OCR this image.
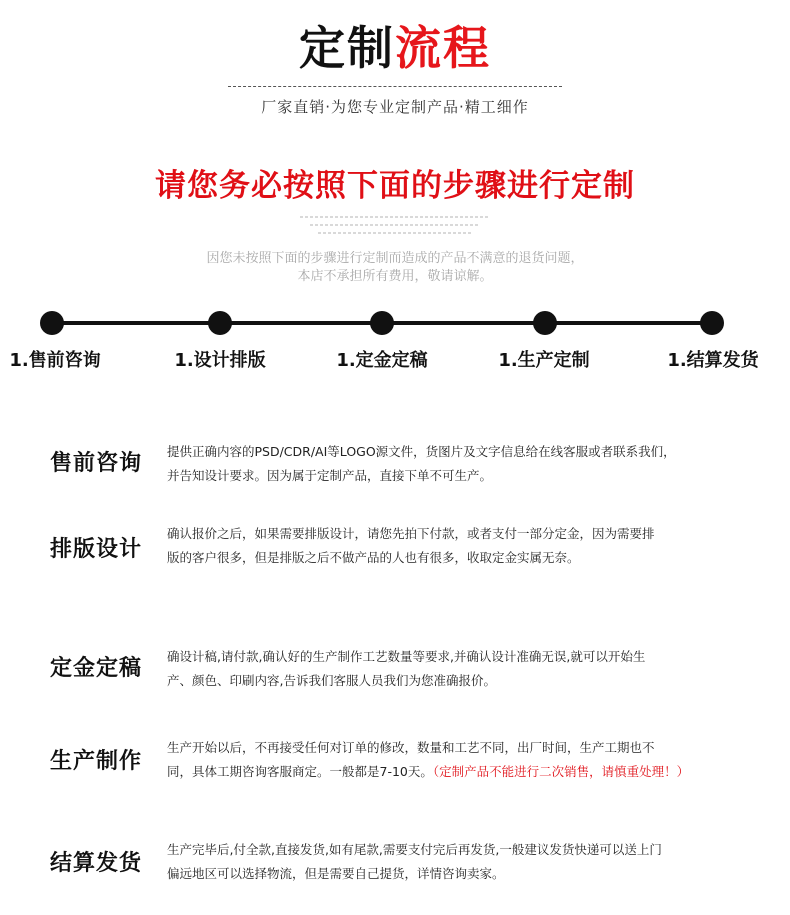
定制流程
厂家直销·为您专业定制产品·精工细作
请您务必按照下面的步骤进行定制
因您未按照下面的步骤进行定制而造成的产品不满意的退货问题，
本店不承担所有费用，敬请谅解。
1.售前咨询	1.设计排版	1.定金定稿	1.生产定制	1.结算发货
售前咨询 提供正确内容的PSD/CDR/AI等LOGO源文件，货图片及文字信息给在线客服或者联系我们，
并告知设计要求。因为属于定制产品，直接下单不可生产。
排版设计
确认报价之后，如果需要排版设计，请您先拍下付款，或者支付一部分定金，因为需要排
版的客户很多，但是排版之后不做产品的人也有很多，收取定金实属无奈。
定金定稿 确设计稿,请付款,确认好的生产制作工艺数量等要求,并确认设计准确无误,就可以开始生
产、颜色、印刷内容,告诉我们客服人员我们为您准确报价。
生产制作
生产开始以后，不再接受任何对订单的修改，数量和工艺不同，出厂时间，生产工期也不
同，具体工期咨询客服商定。一般都是7-10天。（定制产品不能进行二次销售，请慎重处理！）
结算发货
生产完毕后,付全款,直接发货,如有尾款,需要支付完后再发货,一般建议发货快递可以送上门
偏远地区可以选择物流，但是需要自己提货，详情咨询卖家。
